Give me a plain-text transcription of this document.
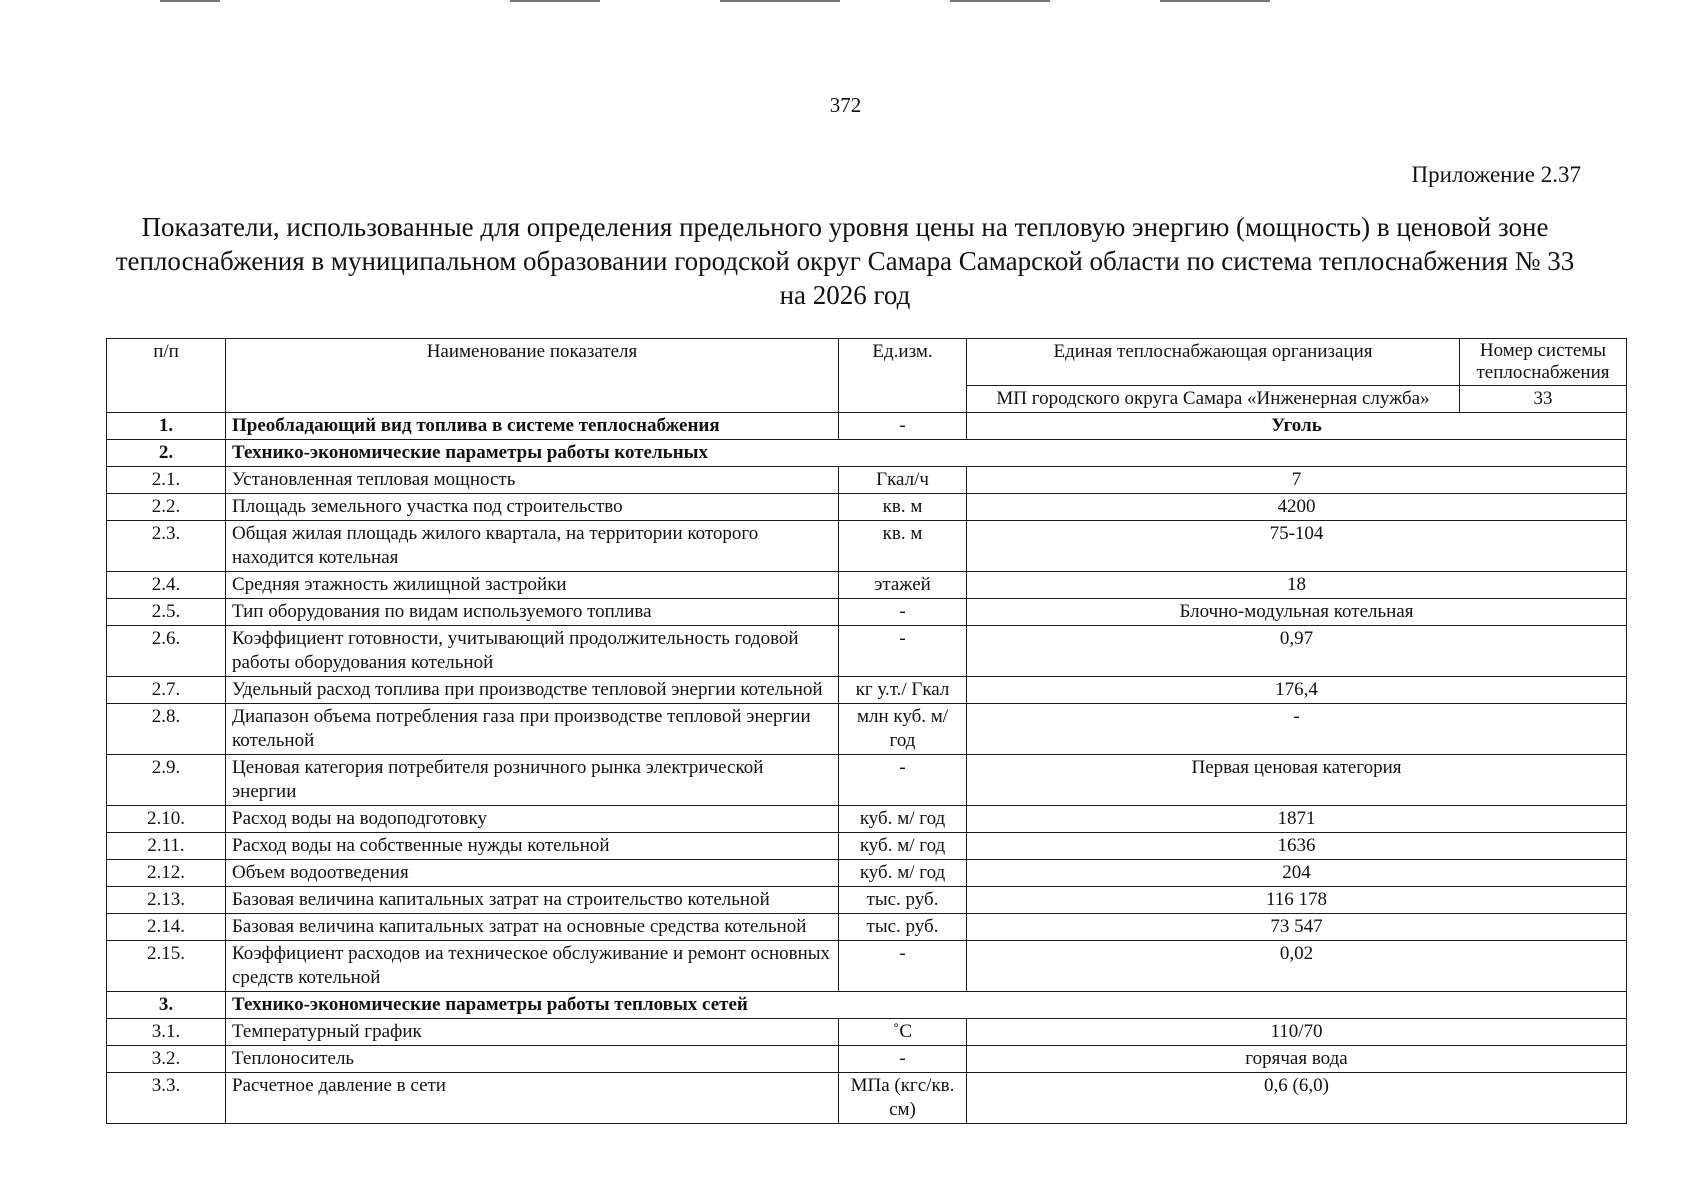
372
Приложение 2.37
Показатели, использованные для определения предельного уровня цены на тепловую энергию (мощность) в ценовой зоне теплоснабжения в муниципальном образовании городской округ Самара Самарской области по система теплоснабжения № 33 на 2026 год
п/п	Наименование показателя	Ед.изм.	Единая теплоснабжающая организация	Номер системы теплоснабжения
			МП городского округа Самара «Инженерная служба»	33
1.	Преобладающий вид топлива в системе теплоснабжения	-	Уголь	
2.	Технико-экономические параметры работы котельных			
2.1.	Установленная тепловая мощность	Гкал/ч	7	
2.2.	Площадь земельного участка под строительство	кв. м	4200	
2.3.	Общая жилая площадь жилого квартала, на территории которого находится котельная	кв. м	75-104	
2.4.	Средняя этажность жилищной застройки	этажей	18	
2.5.	Тип оборудования по видам используемого топлива	-	Блочно-модульная котельная	
2.6.	Коэффициент готовности, учитывающий продолжительность годовой работы оборудования котельной	-	0,97	
2.7.	Удельный расход топлива при производстве тепловой энергии котельной	кг у.т./ Гкал	176,4	
2.8.	Диапазон объема потребления газа при производстве тепловой энергии котельной	млн куб. м/год	-	
2.9.	Ценовая категория потребителя розничного рынка электрической энергии	-	Первая ценовая категория	
2.10.	Расход воды на водоподготовку	куб. м/ год	1871	
2.11.	Расход воды на собственные нужды котельной	куб. м/ год	1636	
2.12.	Объем водоотведения	куб. м/ год	204	
2.13.	Базовая величина капитальных затрат на строительство котельной	тыс. руб.	116 178	
2.14.	Базовая величина капитальных затрат на основные средства котельной	тыс. руб.	73 547	
2.15.	Коэффициент расходов иа техническое обслуживание и ремонт основных средств котельной	-	0,02	
3.	Технико-экономические параметры работы тепловых сетей			
3.1.	Температурный график	˚С	110/70	
3.2.	Теплоноситель	-	горячая вода	
3.3.	Расчетное давление в сети	МПа (кгс/кв. см)	0,6 (6,0)	
